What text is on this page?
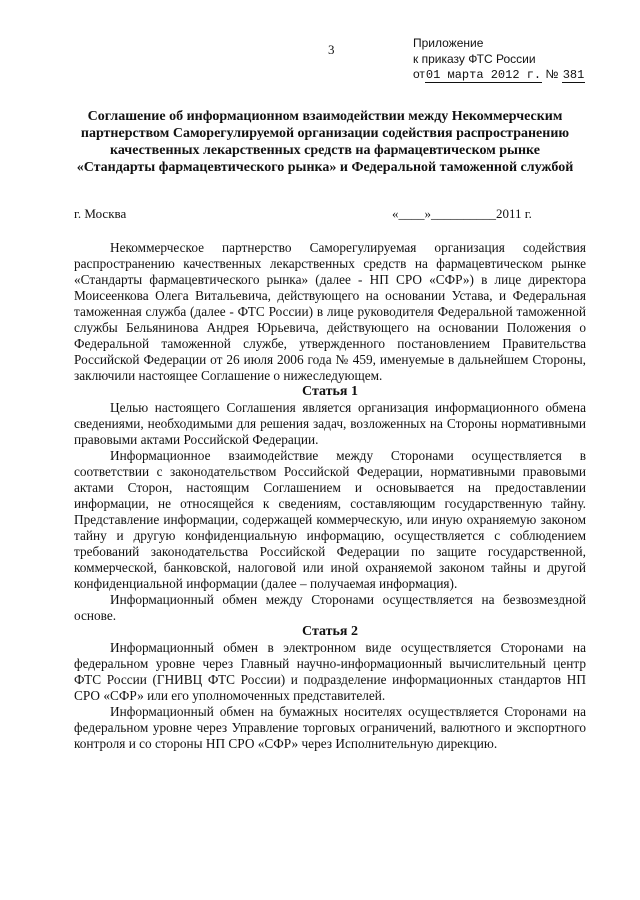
3	Приложение
к приказу ФТС России
от01 марта 2012 г. № 381
Соглашение об информационном взаимодействии между Некоммерческим партнерством Саморегулируемой организации содействия распространению качественных лекарственных средств на фармацевтическом рынке «Стандарты фармацевтического рынка» и Федеральной таможенной службой
г. Москва	«____»__________2011 г.

Некоммерческое партнерство Саморегулируемая организация содействия распространению качественных лекарственных средств на фармацевтическом рынке «Стандарты фармацевтического рынка» (далее - НП СРО «СФР») в лице директора Моисеенкова Олега Витальевича, действующего на основании Устава, и Федеральная таможенная служба (далее - ФТС России) в лице руководителя Федеральной таможенной службы Бельянинова Андрея Юрьевича, действующего на основании Положения о Федеральной таможенной службе, утвержденного постановлением Правительства Российской Федерации от 26 июля 2006 года № 459, именуемые в дальнейшем Стороны, заключили настоящее Соглашение о нижеследующем.

Статья 1

Целью настоящего Соглашения является организация информационного обмена сведениями, необходимыми для решения задач, возложенных на Стороны нормативными правовыми актами Российской Федерации.

Информационное взаимодействие между Сторонами осуществляется в соответствии с законодательством Российской Федерации, нормативными правовыми актами Сторон, настоящим Соглашением и основывается на предоставлении информации, не относящейся к сведениям, составляющим государственную тайну. Представление информации, содержащей коммерческую, или иную охраняемую законом тайну и другую конфиденциальную информацию, осуществляется с соблюдением требований законодательства Российской Федерации по защите государственной, коммерческой, банковской, налоговой или иной охраняемой законом тайны и другой конфиденциальной информации (далее – получаемая информация).

Информационный обмен между Сторонами осуществляется на безвозмездной основе.

Статья 2

Информационный обмен в электронном виде осуществляется Сторонами на федеральном уровне через Главный научно-информационный вычислительный центр ФТС России (ГНИВЦ ФТС России) и подразделение информационных стандартов НП СРО «СФР» или его уполномоченных представителей.

Информационный обмен на бумажных носителях осуществляется Сторонами на федеральном уровне через Управление торговых ограничений, валютного и экспортного контроля и со стороны НП СРО «СФР» через Исполнительную дирекцию.
